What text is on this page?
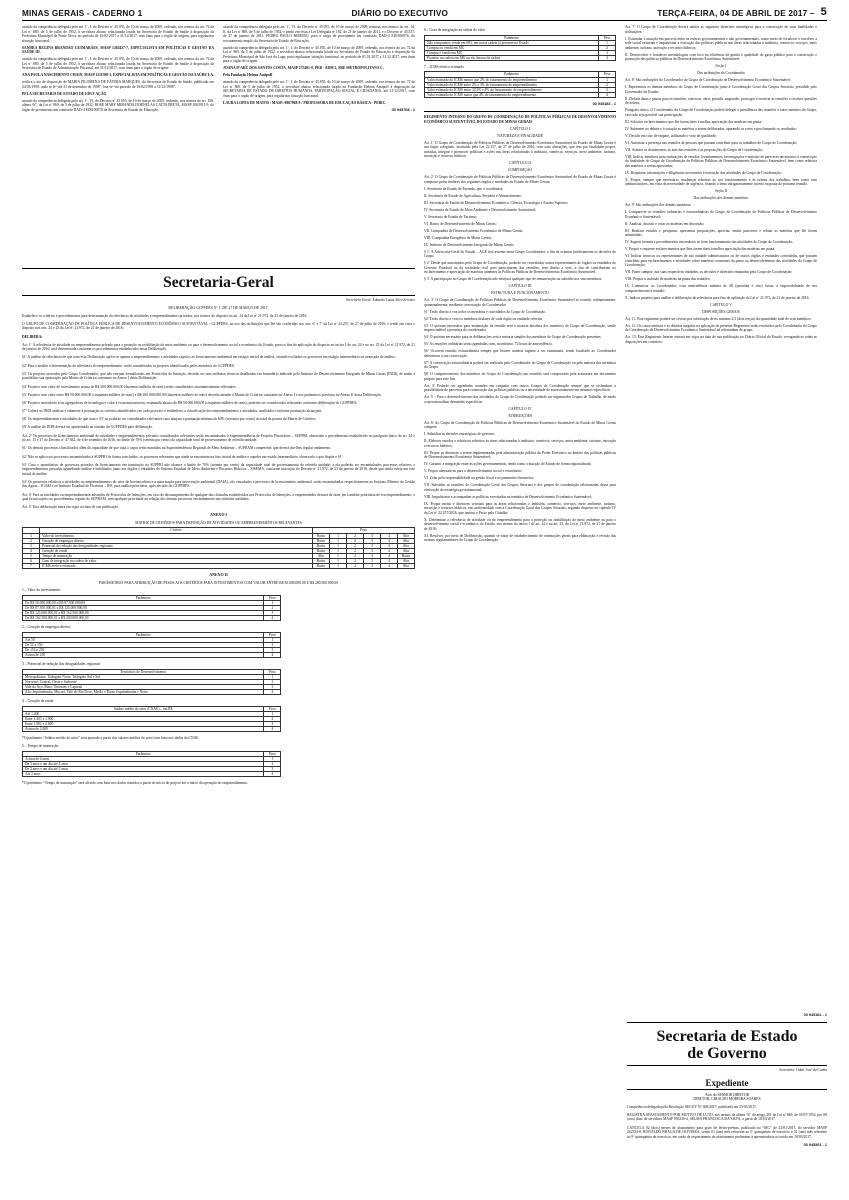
MINAS GERAIS - CADERNO 1	DIÁRIO DO EXECUTIVO	TERÇA-FEIRA, 04 DE ABRIL DE 2017 – 5

usando da competência delegada pelo art. 1º, I, do Decreto nº 45.055, de 10 de março de 2009, cedendo, nos termos do art. 72 da Lei nº 869, de 5 de julho de 1952, a servidora abaixo relacionada lotada na Secretaria de Estado de Saúde à disposição da Prefeitura Municipal de Ponte Nova, no período de 16/02/2017 a 31/12/2017, sem ônus para o órgão de origem, para regularizar situação funcional:

SANDRA REGINA BRANDÃO GUIMARÃES, MASP 1265457-7, ESPECIALISTA EM POLÍTICAS E GESTÃO DA SAÚDE III.

usando da competência delegada pelo art. 1º, I, do Decreto nº 45.055, de 10 de março de 2009, cedendo, nos termos do art. 72 da Lei nº 869, de 5 de julho de 1952, a servidora abaixo relacionada lotada na Secretaria de Estado de Saúde à disposição da Secretaria de Estado de Administração Prisional, até 31/12/2017, com ônus para o órgão de origem:

ANA PAULA NASCIMENTO CHAIN, MASP 1211598-3, ESPECIALISTA EM POLÍTICAS E GESTÃO DA SAÚDE I-A.

retifica o ato de disposição de MARIA FILOMENA DE FÁTIMA MARQUES, da Secretaria de Estado de Saúde, publicado em 24/03/1998: onde se lê “até 31 de dezembro de 1998”, leia-se “no período de 16/02/1998 a 31/12/1998”.

PELA SECRETARIA DE ESTADO DE EDUCAÇÃO

usando da competência delegada pelo art. 1º, VI, do Decreto nº 45.055, de 10 de março de 2009, cedendo, nos termos do art. 106, alínea “b”, da Lei nº 869, de 5 de julho de 1952, ROSE MARY MIRANDA DORNELAS CATTA PRETA, MASP 1065915-9, do órgão de provimento em comissão DAD-4 EDI100076 da Secretaria de Estado de Educação.

usando da competência delegada pelo art. 1º, VI, do Decreto nº 45.055, de 10 de março de 2009, nomeia, nos termos do art. 14, II, da Lei nº 869, de 5 de julho de 1952, e tendo em vista a Lei Delegada nº 182, de 21 de janeiro de 2011, e o Decreto nº 45.537, de 27 de janeiro de 2011, PEDRO PAULO RIBEIRO, para o cargo de provimento em comissão DAD-4 EDI100076, do recrutamento amplo, da Secretaria de Estado de Educação.

usando da competência delegada pelo art. 1º, I, do Decreto nº 45.055, de 10 de março de 2009, cedendo, nos termos do art. 72 da Lei nº 869, de 5 de julho de 1952, a servidora abaixo relacionada lotada na Secretaria de Estado de Educação à disposição da Prefeitura Municipal de São José da Lapa, para regularizar situação funcional, no período de 01.01.2017 a 31.12.2017, sem ônus para o órgão de origem:

JOANA D’ARC DOS SANTOS COSTA, MASP 275401-8, PEB - ADM 2, SRE METROPOLITANA C.

Pela Fundação Helena Antipoff

usando da competência delegada pelo art. 1º, I, do Decreto nº 45.055, de 10 de março de 2009, cedendo, nos termos do art. 72 da Lei nº 869, de 5 de julho de 1952, a servidora abaixo relacionada lotada na Fundação Helena Antipoff à disposição da SECRETARIA DE ESTADO DE DIREITOS HUMANOS, PARTICIPAÇÃO SOCIAL E CIDADANIA, até 31/12/2017, com ônus para o órgão de origem, para regularizar situação funcional:

LAURA LOPES DE MATOS / MASP: 0967968-9 / PROFESSORA DE EDUCAÇÃO BÁSICA - PEBIC.

03 945708 - 1
6 – Grau de integração na cadeia de valor
Parâmetro	Peso
Não compramos venda em MG, em nossa cadeia já presente no Estado	1
Compra ou venda em MG	2
Compra e venda em MG	3
Pioneiro na cadeia em MG ou elo âncora da cadeia	4
7 – ICMS efetivo estimado
Parâmetro	Peso
Valor estimado do ICMS menor que 2% do faturamento do empreendimento	1
Valor estimado do ICMS entre 2% e 3% do faturamento do empreendimento	2
Valor estimado do ICMS entre 3,01% e 4% do faturamento do empreendimento	3
Valor estimado do ICMS maior que 4% do faturamento do empreendimento	4
03 945183 - 1

REGIMENTO INTERNO DO GRUPO DE COORDENAÇÃO DE POLÍTICAS PÚBLICAS DE DESENVOLVIMENTO ECONÔMICO SUSTENTÁVEL DO ESTADO DE MINAS GERAIS

CAPÍTULO I

NATUREZA E FINALIDADE

Art. 1º O Grupo de Coordenação de Políticas Públicas de Desenvolvimento Econômico Sustentável do Estado de Minas Gerais é um órgão colegiado, instituído pela Lei 22.257, de 27 de julho de 2016, com suas alterações, que tem por finalidade propor, articular, integrar e promover políticas e ações nas áreas relacionadas à indústria, comércio, serviços, meio ambiente, turismo, inovação e recursos hídricos.

CAPÍTULO II

COMPOSIÇÃO

Art. 2º O Grupo de Coordenação de Políticas Públicas de Desenvolvimento Econômico Sustentável do Estado de Minas Gerais é composto pelos titulares dos seguintes órgãos e entidades do Estado de Minas Gerais:

I. Secretaria de Estado de Fazenda, que o coordenará;

II. Secretaria de Estado de Agricultura, Pecuária e Abastecimento;

III. Secretaria de Estado de Desenvolvimento Econômico, Ciência, Tecnologia e Ensino Superior;

IV. Secretaria de Estado de Meio Ambiente e Desenvolvimento Sustentável;

V. Secretaria de Estado de Turismo;

VI. Banco de Desenvolvimento de Minas Gerais;

VII. Companhia de Desenvolvimento Econômico de Minas Gerais;

VIII. Companhia Energética de Minas Gerais;

IX. Instituto de Desenvolvimento Integrado de Minas Gerais.

§ 1º A Advocacia-Geral do Estado – AGE terá assento neste Grupo Coordenador, a fim de orientar juridicamente as decisões do Grupo.

§ 2º Desde que autorizados pelo Grupo de Coordenação, poderão ser convidados outros representantes de órgãos ou entidades do Governo Estadual ou da sociedade civil para participarem das reuniões, sem direito a voto, a fim de contribuírem no esclarecimento e apreciação de matérias atinentes às Políticas Públicas de Desenvolvimento Econômico Sustentável.

§ 3º A participação no Grupo de Coordenação não ensejará qualquer tipo de remuneração ou subsídio aos seus membros.

CAPÍTULO III

ESTRUTURA E FUNCIONAMENTO

Art. 3º O Grupo de Coordenação de Políticas Públicas de Desenvolvimento Econômico Sustentável se reunirá, ordinariamente, quinzenalmente, mediante convocação do Coordenador.

§1º Terão direito a voz todos os membros e convidados do Grupo de Coordenação.

§2º Terão direito a voto os membros titulares de cada órgão ou entidade referida.

§3º O quórum necessário para instauração da reunião será a maioria absoluta dos membros do Grupo de Coordenação, sendo imprescindível a presença do coordenador.

§4º O quórum necessário para as deliberações será a maioria simples dos membros do Grupo de Coordenação presentes.

§5º As reuniões ordinárias serão agendadas com, no mínimo, 72 horas de antecedência.

§6º Ocorrerá reunião extraordinária sempre que houver matéria urgente a ser examinada, sendo facultado ao Coordenador determinar a sua convocação.

§7º A convocação extraordinária poderá ser realizada pelo Coordenador do Grupo de Coordenação ou pela maioria dos membros do Grupo.

§8º O comparecimento dos membros do Grupo de Coordenação nas reuniões será comprovado pela assinatura em documento próprio para este fim.

Art. 4º Poderão ser agendadas reuniões em conjunto com outros Grupos de Coordenação sempre que se vislumbrar a possibilidade de parcerias para consecução das políticas públicas ou a necessidade de assessoramento em assuntos específicos.

Art. 5º - Para o desenvolvimento das atividades do Grupo de Coordenação poderão ser organizados Grupos de Trabalho, de modo a operacionalizar demandas específicas.

CAPÍTULO IV

ATRIBUIÇÕES

Art. 6º Ao Grupo de Coordenação de Políticas Públicas de Desenvolvimento Econômico Sustentável do Estado de Minas Gerais compete:

I. Subsidiar as decisões estratégicas de governo;

II. Elaborar estudos e relatórios relativos às áreas relacionadas à indústria, comércio, serviços, meio ambiente, turismo, inovação e recursos hídricos;

III. Propor as diretrizes a serem implementadas pela administração pública do Poder Executivo no âmbito das políticas públicas de Desenvolvimento Econômico Sustentável;

IV. Garantir a integração entre as ações governamentais, tendo como a atuação do Estado de forma regionalizada;

V. Propor alternativas para o desenvolvimento social e econômico;

VI. Zelar pela responsabilidade na gestão fiscal e orçamentário-financeira;

VII. Subsidiar as reuniões do Coordenação Geral dos Grupos Setoriais e dos grupos de coordenação relacionadas desse para efetivação da estratégia governamental;

VIII. Impulsionar e acompanhar as políticas executadas na temática de Desenvolvimento Econômico Sustentável;

IX. Propor metas e diretrizes setoriais para as áreas relacionadas à indústria, comércio, serviços, meio ambiente, turismo, inovação e recursos hídricos, em conformidade com a Coordenação Geral dos Grupos Setoriais, segundo disposto no capítulo IV da Lei nº 22.257/2016, que institui o Pacto pelo Cidadão;

X. Determinar a relevância de atividade ou do empreendimento para a proteção ou reabilitação do meio ambiente ou para o desenvolvimento social e econômico do Estado, nos termos do inciso I do art. 24 e no art. 25, da Lei nº 21.972, de 21 de janeiro de 2016;

XI. Resolver, por meio de Deliberação, quando se tratar de estabelecimento de orientações gerais para elaboração e revisão das normas regulamentares do Grupo de Coordenação.

Art. 7º O Grupo de Coordenação deverá adotar as seguintes diretrizes estratégicas para a consecução de suas finalidades e atribuições:

I. Estimular a atuação em parceria entre as esferas governamentais e não governamentais, como meio de fortalecer e envolver a rede social existente e impulsionar a execução das políticas públicas nas áreas relacionadas à indústria, comércio, serviços, meio ambiente, turismo, inovação e recursos hídricos;

II. Desenvolver e fortalecer metodologias com foco na eficiência da gestão e qualidade do gasto público para a consecução e promoção das políticas públicas de Desenvolvimento Econômico Sustentável.

Seção I

Das atribuições do Coordenador

Art. 8º São atribuições do Coordenador do Grupo de Coordenação de Desenvolvimento Econômico Sustentável:

I. Representar os demais membros do Grupo de Coordenação junto à Coordenação Geral dos Grupos Setoriais, presidido pelo Governador do Estado;

II. Definir datas e pautas para as reuniões, convocar, abrir, presidir, suspender, prorrogar e encerrar as reuniões e resolver questões de ordem;

Parágrafo único. O Coordenador do Grupo de Coordenação poderá delegar a presidência das reuniões a outro membro do Grupo, caso não seja possível sua participação.

III. Solicitar esclarecimentos que lhe forem úteis à melhor apreciação das matérias em pauta;

IV. Submeter ao debate e à votação as matérias a serem deliberadas, apurando os votos e proclamando os resultados;

V. Decidir em caso de empate, utilizando o voto de qualidade;

VI. Autorizar a presença nas reuniões de pessoas que possam contribuir para os trabalhos do Grupo de Coordenação;

VII. Assinar os documentos, as atas das reuniões e as proposições do Grupo de Coordenação;

VIII. Indicar membros para realizações de estudos, levantamentos, investigações e emissão de pareceres necessários à consecução da finalidade do Grupo de Coordenação de Políticas Públicas de Desenvolvimento Econômico Sustentável, bem como relatoria das matérias a serem apreciadas;

IX. Requisitar informações e diligências necessárias à execução das atividades do Grupo de Coordenação;

X. Propor, sempre que necessário, mudanças relativas ao seu funcionamento e às ordens dos trabalhos, bem como atos administrativos, em vista da necessidade de urgência, fixando o tema obrigatoriamente incerto na pauta da próxima reunião.

Seção II

Das atribuições dos demais membros

Art. 9º São atribuições dos demais membros:

I. Comparecer às reuniões ordinárias e extraordinárias do Grupo de Coordenação de Políticas Públicas de Desenvolvimento Econômico Sustentável;

II. Analisar, discutir e votar as matérias em discussão;

III. Realizar estudos e pesquisas, apresentar proposições, apreciar, emitir pareceres e relatar as matérias que lhe forem submetidas;

IV. Sugerir normas e procedimentos necessários ao bom funcionamento das atividades do Grupo de Coordenação;

V. Propor e requerer esclarecimentos que lhes forem úteis à melhor apreciação das matérias em pauta;

VI. Indicar técnicos ou representantes de sua unidade administrativa ou de outros órgãos e entidades convidadas, que possam contribuir para esclarecimentos e atividades sobre matérias constantes da pauta ou desenvolvimento das atividades do Grupo de Coordenação;

VII. Fazer cumprir, nas suas respectivas unidades, as decisões e diretrizes emanadas pelo Grupo de Coordenação;

VIII. Propor a inclusão de matérias na pauta das reuniões;

IX. Comunicar ao Coordenador, com antecedência mínima de 48 (quarenta e oito) horas, a impossibilidade de seu comparecimento à reunião;

X. Indicar projetos para análise e deliberação de relevância para fins de aplicação da Lei nº 21.972, de 21 de janeiro de 2016.

CAPÍTULO V

DISPOSIÇÕES GERAIS

Art. 11. Este regimento poderá ser revisto por solicitação de no mínimo 2/3 (dois terços) da quantidade total de seus membros.

Art. 12. Os casos omissos e as dúvidas surgidas na aplicação do presente Regimento serão resolvidos pelo Coordenador do Grupo de Coordenação de Desenvolvimento Econômico Sustentável ad referendum do grupo.

Art. 13. Este Regimento Interno entrará em vigor na data de sua publicação no Diário Oficial do Estado, revogando-se todas as disposições em contrário.

Secretaria-Geral
Secretário-Geral: Eduardo Lucas Silva Serrano
DELIBERAÇÃO GCPPDES Nº 1, DE 27 DE MARÇO DE 2017.

Estabelece os critérios e procedimentos para determinação da relevância de atividades e empreendimentos privados, nos termos do disposto no art. 24 da Lei nº 21.972, de 21 de janeiro de 2016.

O GRUPO DE COORDENAÇÃO DE POLÍTICA PÚBLICA DE DESENVOLVIMENTO ECONÔMICO SUSTENTÁVEL - GCPPDES, no uso das atribuições que lhe são conferidas nos arts. 6º e 7º da Lei nº 22.257, de 27 de julho de 2016, e tendo em vista o disposto nos arts. 24 e 25 da Lei nº 21.972, de 21 de janeiro de 2016,

DELIBERA:

Art. 1º A relevância de atividade ou empreendimento privado para a proteção ou reabilitação do meio ambiente ou para o desenvolvimento social e econômico do Estado, para os fins de aplicação do disposto no inciso I do art. 24 e no art. 25 da Lei nº 21.972, de 21 de janeiro de 2016, será determinada conforme os procedimentos estabelecidos nesta Deliberação.

§1º A análise de relevância de que trata esta Deliberação aplica-se apenas a empreendimentos e atividades sujeitos ao licenciamento ambiental em estágio inicial de análise, estando excluídos os processos em estágio intermediário ou avançado de análise.

§2º Para a análise e determinação da relevância do empreendimento, serão considerados os projetos identificados pelos membros do GCPPDES.

§3º Os projetos avocados pelo Grupo Coordenador, que não estejam formalizados em Protocolos de Intenção, deverão ter seus atributos técnicos detalhados em formulário indicado pelo Instituto de Desenvolvimento Integrado de Minas Gerais (INDI), de modo a possibilitar sua apreciação pela Matriz de Critérios constante no Anexo I desta Deliberação.

§4º Projetos com valor de investimento acima de R$ 200.000.000,00 (duzentos milhões de reais) serão considerados automaticamente relevantes.

§5º Projetos com valor entre R$ 50.000.000,00 (cinquenta milhões de reais) e R$ 200.000.000,00 (duzentos milhões de reais) deverão atender à Matriz de Critérios constante no Anexo I e aos parâmetros previstos no Anexo II desta Deliberação.

§6º Projetos inovadores e/ou agregadores de tecnologia e valor à economia mineira, estimando abaixo de R$ 50.000.000,00 (cinquenta milhões de reais), poderão ser considerados relevantes conforme deliberação do GCPPDES.

§7º Caberá ao INDI analisar e submeter à pontuação os critérios identificados em cada processo e estabelecer a classificação dos empreendimentos e atividades, analisados conforme pontuação alcançada.

§8º Os empreendimentos e atividades de que trata o §3º só poderão ser considerados relevantes caso atinjam a pontuação mínima de 60% (sessenta por cento) do total de pontos da Matriz de Critérios.

§9º A análise do INDI deverá ser apresentada na reunião do GCPPDES para deliberação.

Art. 2º Os processos de licenciamento ambiental de atividades e empreendimentos privados considerados relevantes serão encaminhados à Superintendência de Projetos Prioritários – SUPPRI, observado o procedimento estabelecido no parágrafo único do art. 14 e no art. 15 e 17 do Decreto nº 47.042, de 6 de setembro de 2016, no limite de 70% (setenta por cento) da capacidade total de processamento de referida unidade.

§1º Os demais processos classificados além da capacidade de que trata o caput serão mantidos na Superintendência Regional de Meio Ambiente – SUPRAM competente, que deverá dar-lhes regular andamento.

§2º Não se aplica aos processos encaminhados à SUPPRI de forma concluídos, os processos relevantes que ainda se encontrem na fase inicial de análise e aqueles em estado intermediário, observado o que dispõe o §1º.

§3º Caso o quantitativo de processos privados de licenciamento em tramitação na SUPPRI não alcance o limite de 70% (setenta por cento) da capacidade total de processamento da referida unidade, a ela poderão ser encaminhados processos relativos a empreendimentos privados aguardando análise e habilitados junto aos órgãos e entidades do Sistema Estadual de Meio Ambiente e Recursos Hídricos – SISEMA, conforme instrução do Decreto nº 21.972, de 21 de janeiro de 2016, desde que ainda esteja em fase inicial de análise.

§4º Os processos relativos a atividades ou empreendimentos do setor de bovinocultura e a autorização para intervenção ambiental (DAIA), são vinculados a processos de licenciamento ambiental, serão encaminhados respectivamente ao Instituto Mineiro de Gestão das Águas – IGAM e ao Instituto Estadual de Florestas – IEF, para análise prioritária, após decisão do GCPPDES.

Art. 4º Para as atividades ou empreendimentos advindos de Protocolos de Intenções, em caso de descumprimento de qualquer das cláusulas estabelecidas nos Protocolos de Intenções, o empreendedor deixará de fazer jus à análise prioritária de seu empreendimento, o qual ficará sujeito ao procedimento regular da SUPRAM, sem qualquer prioridade na relação dos demais processos em andamento nas referidas unidades.

Art. 5º Esta deliberação entra em vigor na data de sua publicação.

ANEXO I
MATRIZ DE CRITÉRIOS PARA DEFINIÇÃO DE ATIVIDADES OU EMPREENDIMENTOS RELEVANTES
	Critério	Peso					
1	Valor do investimento	Baixo	1	2	3	4	Alto
2	Geração de empregos diretos	Baixo	1	2	3	4	Alto
3	Potencial de redução das desigualdades regionais	Baixo	1	2	3	4	Alto
4	Geração de renda	Baixo	1	2	3	4	Alto
5	Tempo de maturação	Alto	1	2	3	4	Baixo
6	Grau de integração na cadeia de valor	Baixo	1	2	3	4	Alto
7	ICMS efetivo estimado	Baixo	1	2	3	4	Alto
ANEXO II
PARÂMETROS PARA ATRIBUIÇÃO DE PESOS AOS CRITÉRIOS PARA INVESTIMENTOS COM VALOR ENTRE R$ 50.000.000,00 E R$ 200.000.000,00
1 – Valor do investimento:
Parâmetro	Peso
De R$ 50.000.000,00 a R$ 87.500.000,00	1
De R$ 87.500.000,01 a R$ 125.000.000,00	2
De R$ 125.000.000,01 a R$ 162.500.000,00	3
De R$ 162.500.000,01 a R$ 200.000.000,00	4
2 – Geração de empregos diretos
Parâmetro	Peso
Até 50	1
De 51 a 150	2
De 151 a 250	3
Acima de 250	4
3 – Potencial de redução das desigualdades regionais
Territórios de Desenvolvimento	Peso
Metropolitano, Triângulo Norte, Triângulo Sul e Sul	1
Noroeste, Central, Oeste e Sudoeste	2
Vale do Aço, Mata, Vertentes e Caparaó	3
Alto Jequitinhonha, Mucuri, Vale do Rio Doce, Médio e Baixo Jequitinhonha e Norte	4
4 – Geração de renda
Salário médio do setor (CNAE) – em R$	Peso
Até 1.400	1
Entre 1.401 e 1.900	2
Entre 1.901 e 2.600	3
Acima de 2.600	4

*O parâmetro “Salário médio do setor” será apurado a partir dos valores médios do setor com base nos dados da CNAE.

5 – Tempo de maturação
Parâmetro	Peso
Acima de 4 anos	1
De 3 anos e um dia até 4 anos	2
De 2 anos e um dia até 3 anos	3
Até 2 anos	4

*O parâmetro “Tempo de maturação” será aferido com base nos dados contidos a partir do início do projeto até o início da operação do empreendimento.

03 945181 - 1
Secretaria de Estado
de Governo
Secretário: Odair José da Cunha
Expediente
Atos do SENHOR DIRETOR
DIRETOR, GIRALDO MOREIRA SOARES

Competência delegada pela Resolução SEGOV Nº 600/2017, publicada em 25/03/2017.

REGISTRA AFASTAMENTO POR MOTIVO DE LUTO, nos termos da alínea “b” do artigo 201 da Lei nº 869, de 05/07/1952, por 08 (oito) dias, da servidora MASP 956330-4, SELMA FRANCISCA DA SILVA, a partir de 18/03/2017.

CANCELA 02 (dois) meses de afastamento para gozo de férias-prêmio, publicado no “MG” de 21/01/2017, do servidor MASP 262333-8, RONALDO BRAGA DE OLIVEIRA, sendo 01 (um) mês referente ao 5º quinquênio de exercício e 01 (um) mês referente ao 9º quinquênio de exercício, em razão de requerimento de afastamento preliminar à aposentadoria ocorrido em 10/03/2017.

03 945391 - 1
